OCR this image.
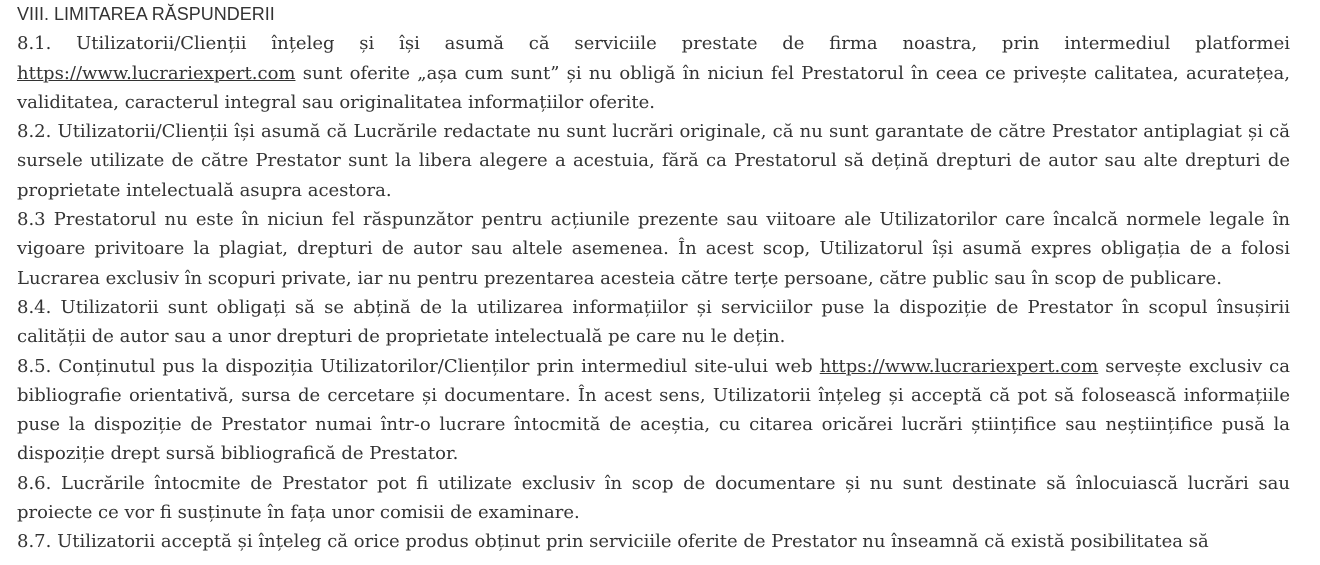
VIII. LIMITAREA RĂSPUNDERII

8.1. Utilizatorii/Clienții înțeleg și își asumă că serviciile prestate de firma noastra, prin intermediul platformei https://www.lucrariexpert.com sunt oferite „așa cum sunt” și nu obligă în niciun fel Prestatorul în ceea ce privește calitatea, acuratețea, validitatea, caracterul integral sau originalitatea informațiilor oferite.

8.2. Utilizatorii/Clienții își asumă că Lucrările redactate nu sunt lucrări originale, că nu sunt garantate de către Prestator antiplagiat și că sursele utilizate de către Prestator sunt la libera alegere a acestuia, fără ca Prestatorul să dețină drepturi de autor sau alte drepturi de proprietate intelectuală asupra acestora.

8.3 Prestatorul nu este în niciun fel răspunzător pentru acțiunile prezente sau viitoare ale Utilizatorilor care încalcă normele legale în vigoare privitoare la plagiat, drepturi de autor sau altele asemenea. În acest scop, Utilizatorul își asumă expres obligația de a folosi Lucrarea exclusiv în scopuri private, iar nu pentru prezentarea acesteia către terțe persoane, către public sau în scop de publicare.

8.4. Utilizatorii sunt obligați să se abțină de la utilizarea informațiilor și serviciilor puse la dispoziție de Prestator în scopul însușirii calității de autor sau a unor drepturi de proprietate intelectuală pe care nu le dețin.

8.5. Conținutul pus la dispoziția Utilizatorilor/Clienților prin intermediul site-ului web https://www.lucrariexpert.com servește exclusiv ca bibliografie orientativă, sursa de cercetare și documentare. În acest sens, Utilizatorii înțeleg și acceptă că pot să folosească informațiile puse la dispoziție de Prestator numai într-o lucrare întocmită de aceștia, cu citarea oricărei lucrări științifice sau neștiințifice pusă la dispoziție drept sursă bibliografică de Prestator.

8.6. Lucrările întocmite de Prestator pot fi utilizate exclusiv în scop de documentare și nu sunt destinate să înlocuiască lucrări sau proiecte ce vor fi susținute în fața unor comisii de examinare.

8.7. Utilizatorii acceptă și înțeleg că orice produs obținut prin serviciile oferite de Prestator nu înseamnă că există posibilitatea să
